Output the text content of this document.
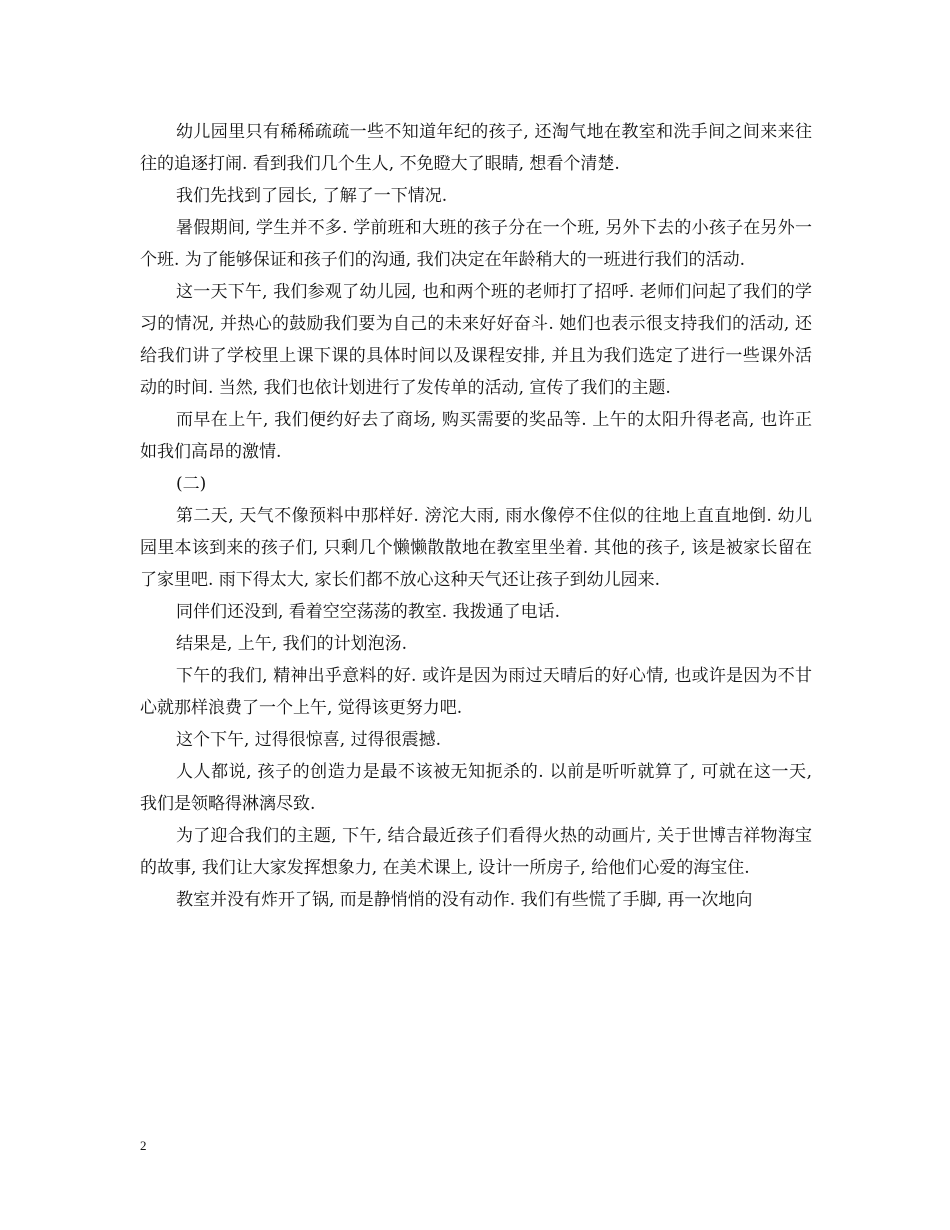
幼儿园里只有稀稀疏疏一些不知道年纪的孩子, 还淘气地在教室和洗手间之间来来往往的追逐打闹. 看到我们几个生人, 不免瞪大了眼睛, 想看个清楚.

我们先找到了园长, 了解了一下情况.

暑假期间, 学生并不多. 学前班和大班的孩子分在一个班, 另外下去的小孩子在另外一个班. 为了能够保证和孩子们的沟通, 我们决定在年龄稍大的一班进行我们的活动.

这一天下午, 我们参观了幼儿园, 也和两个班的老师打了招呼. 老师们问起了我们的学习的情况, 并热心的鼓励我们要为自己的未来好好奋斗. 她们也表示很支持我们的活动, 还给我们讲了学校里上课下课的具体时间以及课程安排, 并且为我们选定了进行一些课外活动的时间. 当然, 我们也依计划进行了发传单的活动, 宣传了我们的主题.

而早在上午, 我们便约好去了商场, 购买需要的奖品等. 上午的太阳升得老高, 也许正如我们高昂的激情.

(二)

第二天, 天气不像预料中那样好. 滂沱大雨, 雨水像停不住似的往地上直直地倒. 幼儿园里本该到来的孩子们, 只剩几个懒懒散散地在教室里坐着. 其他的孩子, 该是被家长留在了家里吧. 雨下得太大, 家长们都不放心这种天气还让孩子到幼儿园来.

同伴们还没到, 看着空空荡荡的教室. 我拨通了电话.

结果是, 上午, 我们的计划泡汤.

下午的我们, 精神出乎意料的好. 或许是因为雨过天晴后的好心情, 也或许是因为不甘心就那样浪费了一个上午, 觉得该更努力吧.

这个下午, 过得很惊喜, 过得很震撼.

人人都说, 孩子的创造力是最不该被无知扼杀的. 以前是听听就算了, 可就在这一天, 我们是领略得淋漓尽致.

为了迎合我们的主题, 下午, 结合最近孩子们看得火热的动画片, 关于世博吉祥物海宝的故事, 我们让大家发挥想象力, 在美术课上, 设计一所房子, 给他们心爱的海宝住.

教室并没有炸开了锅, 而是静悄悄的没有动作. 我们有些慌了手脚, 再一次地向

2
